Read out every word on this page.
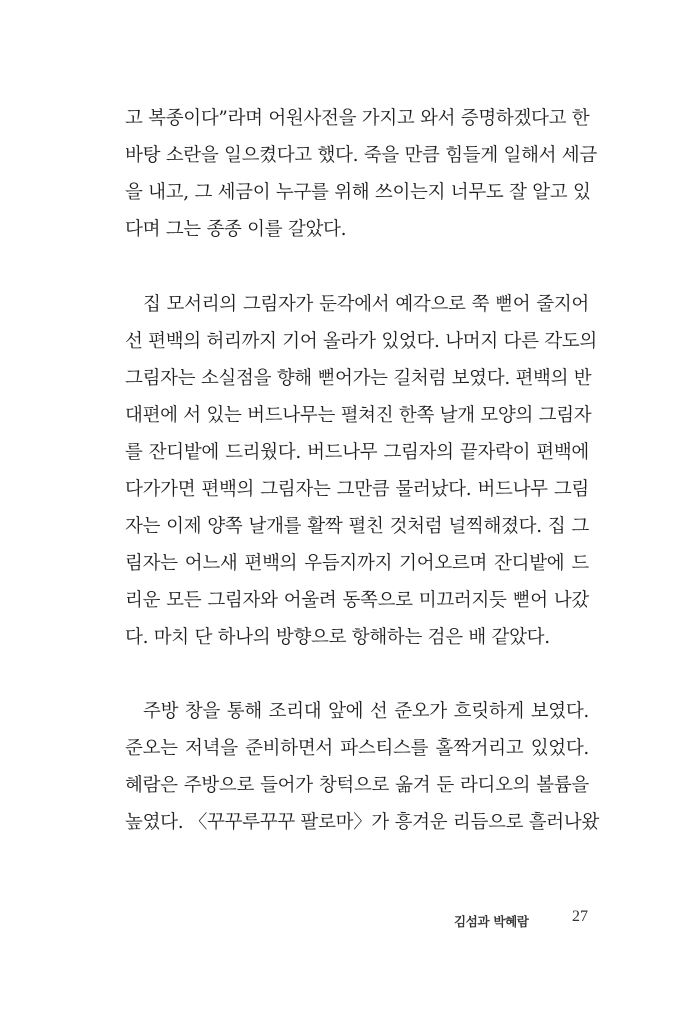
고 복종이다”라며 어원사전을 가지고 와서 증명하겠다고 한
바탕 소란을 일으켰다고 했다. 죽을 만큼 힘들게 일해서 세금
을 내고, 그 세금이 누구를 위해 쓰이는지 너무도 잘 알고 있
다며 그는 종종 이를 갈았다.
집 모서리의 그림자가 둔각에서 예각으로 쭉 뻗어 줄지어
선 편백의 허리까지 기어 올라가 있었다. 나머지 다른 각도의
그림자는 소실점을 향해 뻗어가는 길처럼 보였다. 편백의 반
대편에 서 있는 버드나무는 펼쳐진 한쪽 날개 모양의 그림자
를 잔디밭에 드리웠다. 버드나무 그림자의 끝자락이 편백에
다가가면 편백의 그림자는 그만큼 물러났다. 버드나무 그림
자는 이제 양쪽 날개를 활짝 펼친 것처럼 널찍해졌다. 집 그
림자는 어느새 편백의 우듬지까지 기어오르며 잔디밭에 드
리운 모든 그림자와 어울려 동쪽으로 미끄러지듯 뻗어 나갔
다. 마치 단 하나의 방향으로 항해하는 검은 배 같았다.
주방 창을 통해 조리대 앞에 선 준오가 흐릿하게 보였다.
준오는 저녁을 준비하면서 파스티스를 홀짝거리고 있었다.
혜람은 주방으로 들어가 창턱으로 옮겨 둔 라디오의 볼륨을
높였다. 〈꾸꾸루꾸꾸 팔로마〉가 흥겨운 리듬으로 흘러나왔
김섬과 박혜람	27
